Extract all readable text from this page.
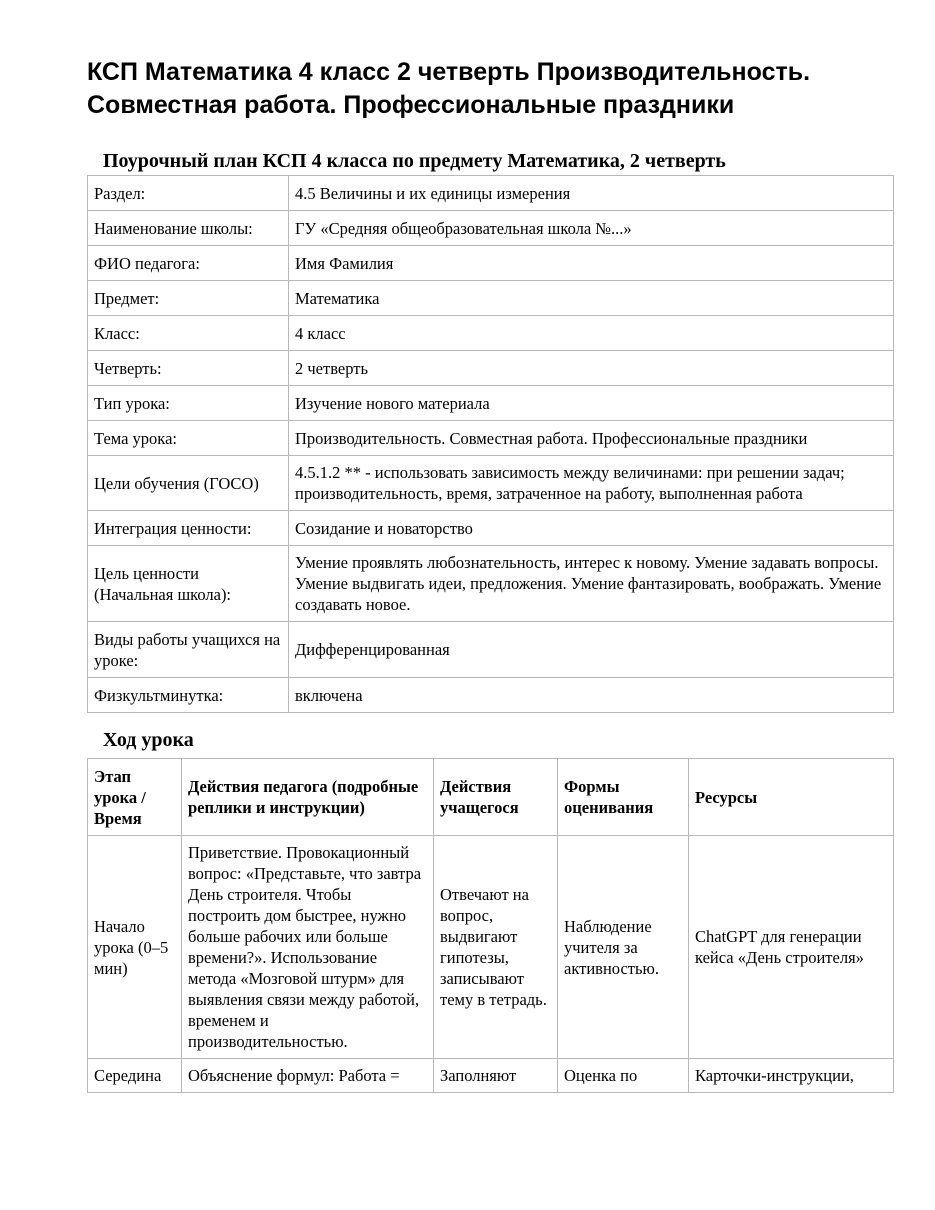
КСП Математика 4 класс 2 четверть Производительность. Совместная работа. Профессиональные праздники
Поурочный план КСП 4 класса по предмету Математика, 2 четверть
Раздел:	4.5 Величины и их единицы измерения
Наименование школы:	ГУ «Средняя общеобразовательная школа №...»
ФИО педагога:	Имя Фамилия
Предмет:	Математика
Класс:	4 класс
Четверть:	2 четверть
Тип урока:	Изучение нового материала
Тема урока:	Производительность. Совместная работа. Профессиональные праздники
Цели обучения (ГОСО)	4.5.1.2 ** - использовать зависимость между величинами: при решении задач; производительность, время, затраченное на работу, выполненная работа
Интеграция ценности:	Созидание и новаторство
Цель ценности (Начальная школа):	Умение проявлять любознательность, интерес к новому. Умение задавать вопросы. Умение выдвигать идеи, предложения. Умение фантазировать, воображать. Умение создавать новое.
Виды работы учащихся на уроке:	Дифференцированная
Физкультминутка:	включена
Ход урока
Этап урока / Время	Действия педагога (подробные реплики и инструкции)	Действия учащегося	Формы оценивания	Ресурсы
Начало урока (0–5 мин)	Приветствие. Провокационный вопрос: «Представьте, что завтра День строителя. Чтобы построить дом быстрее, нужно больше рабочих или больше времени?». Использование метода «Мозговой штурм» для выявления связи между работой, временем и производительностью.	Отвечают на вопрос, выдвигают гипотезы, записывают тему в тетрадь.	Наблюдение учителя за активностью.	ChatGPT для генерации кейса «День строителя»
Середина	Объяснение формул: Работа =	Заполняют	Оценка по	Карточки-инструкции,
